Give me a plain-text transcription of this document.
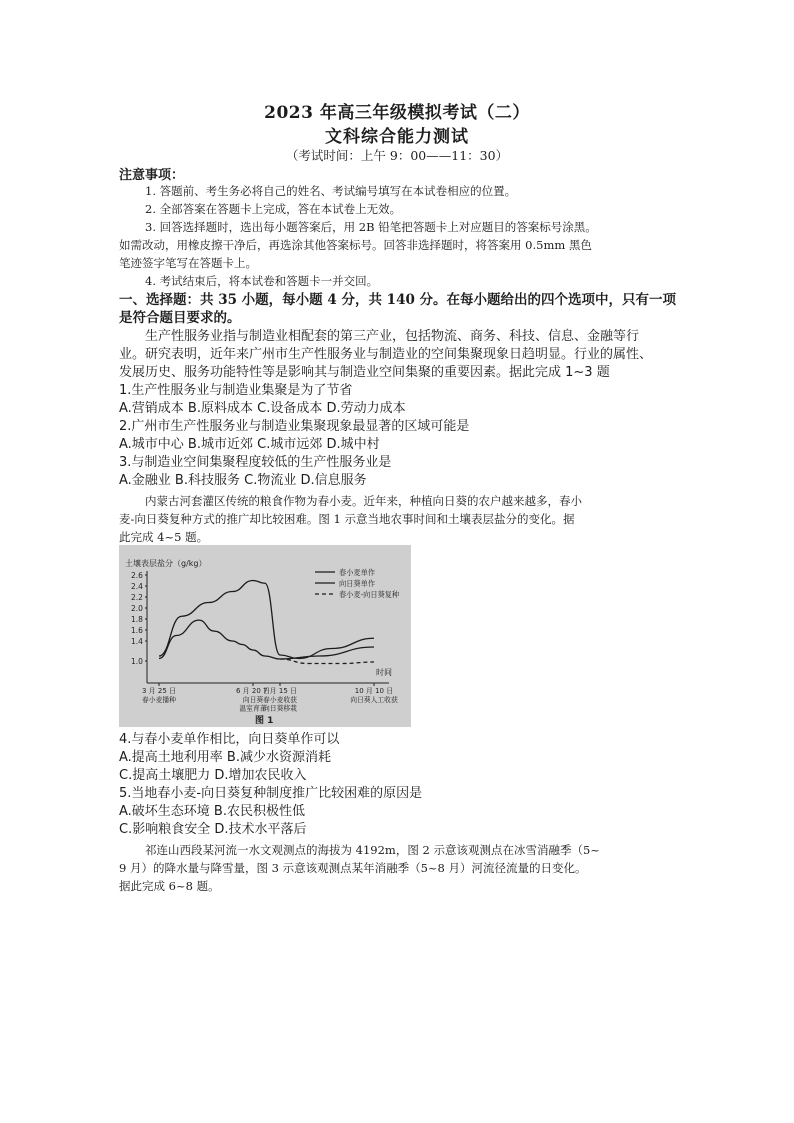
2023 年高三年级模拟考试（二）
文科综合能力测试
（考试时间：上午 9：00——11：30）
注意事项：
1. 答题前、考生务必将自己的姓名、考试编号填写在本试卷相应的位置。
2. 全部答案在答题卡上完成，答在本试卷上无效。
3. 回答选择题时，选出每小题答案后，用 2B 铅笔把答题卡上对应题目的答案标号涂黑。
如需改动，用橡皮擦干净后，再选涂其他答案标号。回答非选择题时，将答案用 0.5mm 黑色
笔迹签字笔写在答题卡上。
4. 考试结束后，将本试卷和答题卡一并交回。
一、选择题：共 35 小题，每小题 4 分，共 140 分。在每小题给出的四个选项中，只有一项
是符合题目要求的。
生产性服务业指与制造业相配套的第三产业，包括物流、商务、科技、信息、金融等行
业。研究表明，近年来广州市生产性服务业与制造业的空间集聚现象日趋明显。行业的属性、
发展历史、服务功能特性等是影响其与制造业空间集聚的重要因素。据此完成 1~3 题
1.生产性服务业与制造业集聚是为了节省
A.营销成本 B.原料成本 C.设备成本 D.劳动力成本
2.广州市生产性服务业与制造业集聚现象最显著的区域可能是
A.城市中心 B.城市近郊 C.城市远郊 D.城中村
3.与制造业空间集聚程度较低的生产性服务业是
A.金融业 B.科技服务 C.物流业 D.信息服务
内蒙古河套灌区传统的粮食作物为春小麦。近年来，种植向日葵的农户越来越多，春小
麦-向日葵复种方式的推广却比较困难。图 1 示意当地农事时间和土壤表层盐分的变化。据
此完成 4~5 题。
土壤表层盐分（g/kg）
时间
1.0
1.4
1.6
1.8
2.0
2.2
2.4
2.6
3 月 25 日	6 月 20 日
7 月 15 日	10 月 10 日
春小麦播种	向日葵
温室育苗
春小麦收获
向日葵移栽
向日葵人工收获
春小麦单作
向日葵单作
春小麦-向日葵复种
图 1
4.与春小麦单作相比，向日葵单作可以
A.提高土地利用率 B.减少水资源消耗
C.提高土壤肥力 D.增加农民收入
5.当地春小麦-向日葵复种制度推广比较困难的原因是
A.破坏生态环境 B.农民积极性低
C.影响粮食安全 D.技术水平落后
祁连山西段某河流一水文观测点的海拔为 4192m，图 2 示意该观测点在冰雪消融季（5~
9 月）的降水量与降雪量，图 3 示意该观测点某年消融季（5~8 月）河流径流量的日变化。
据此完成 6~8 题。
